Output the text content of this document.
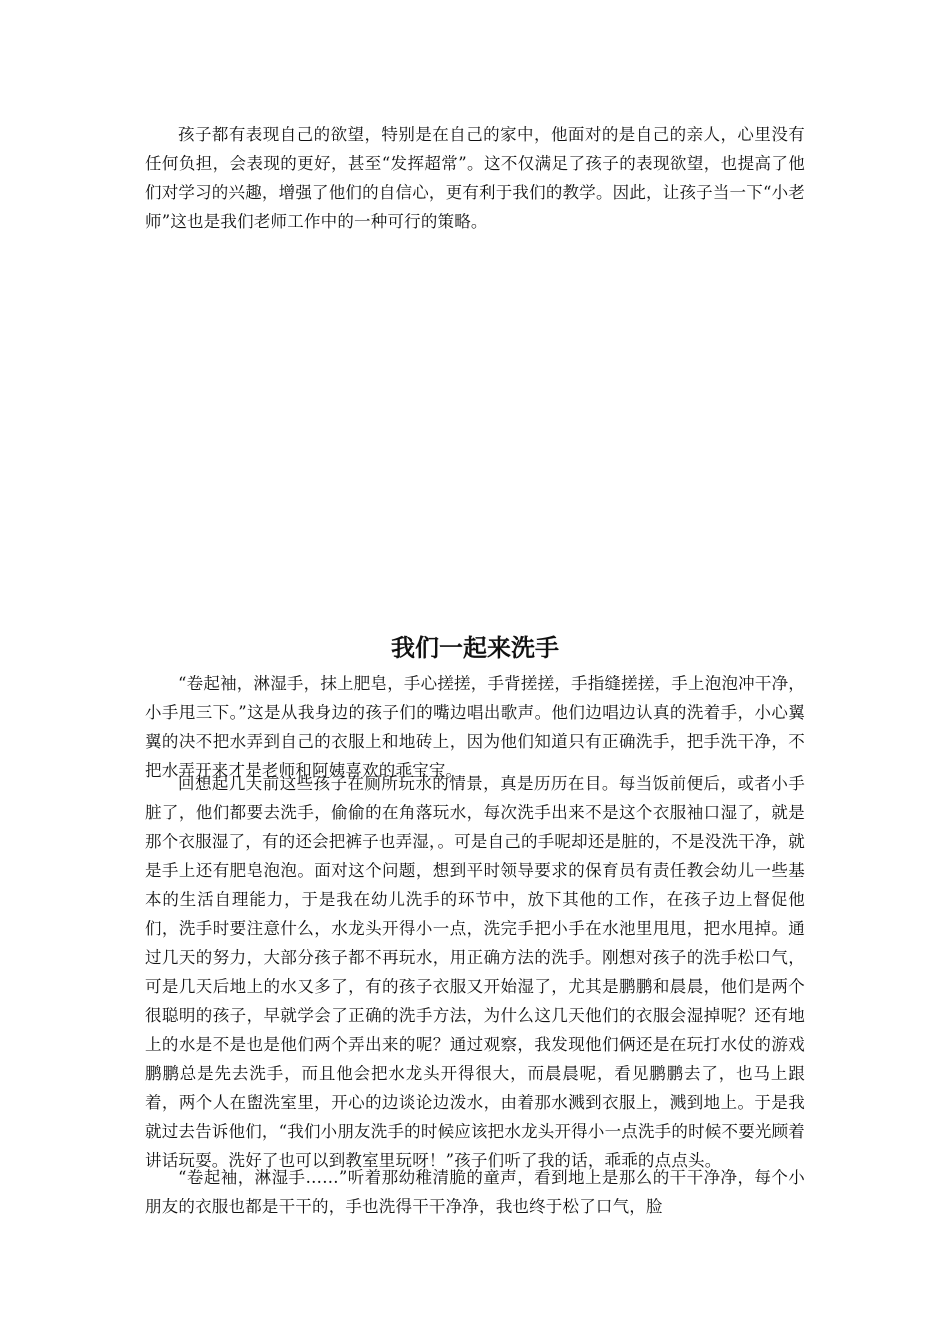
孩子都有表现自己的欲望，特别是在自己的家中，他面对的是自己的亲人，心里没有任何负担，会表现的更好，甚至“发挥超常”。这不仅满足了孩子的表现欲望，也提高了他们对学习的兴趣，增强了他们的自信心，更有利于我们的教学。因此，让孩子当一下“小老师”这也是我们老师工作中的一种可行的策略。

我们一起来洗手

“卷起袖，淋湿手，抹上肥皂，手心搓搓，手背搓搓，手指缝搓搓，手上泡泡冲干净，小手甩三下。”这是从我身边的孩子们的嘴边唱出歌声。他们边唱边认真的洗着手，小心翼翼的决不把水弄到自己的衣服上和地砖上，因为他们知道只有正确洗手，把手洗干净，不把水弄开来才是老师和阿姨喜欢的乖宝宝。

回想起几天前这些孩子在厕所玩水的情景，真是历历在目。每当饭前便后，或者小手脏了，他们都要去洗手，偷偷的在角落玩水，每次洗手出来不是这个衣服袖口湿了，就是那个衣服湿了，有的还会把裤子也弄湿，。可是自己的手呢却还是脏的，不是没洗干净，就是手上还有肥皂泡泡。面对这个问题，想到平时领导要求的保育员有责任教会幼儿一些基本的生活自理能力，于是我在幼儿洗手的环节中，放下其他的工作，在孩子边上督促他们，洗手时要注意什么，水龙头开得小一点，洗完手把小手在水池里甩甩，把水甩掉。通过几天的努力，大部分孩子都不再玩水，用正确方法的洗手。刚想对孩子的洗手松口气，可是几天后地上的水又多了，有的孩子衣服又开始湿了，尤其是鹏鹏和晨晨，他们是两个很聪明的孩子，早就学会了正确的洗手方法，为什么这几天他们的衣服会湿掉呢？还有地上的水是不是也是他们两个弄出来的呢？通过观察，我发现他们俩还是在玩打水仗的游戏鹏鹏总是先去洗手，而且他会把水龙头开得很大，而晨晨呢，看见鹏鹏去了，也马上跟着，两个人在盥洗室里，开心的边谈论边泼水，由着那水溅到衣服上，溅到地上。于是我就过去告诉他们，“我们小朋友洗手的时候应该把水龙头开得小一点洗手的时候不要光顾着讲话玩耍。洗好了也可以到教室里玩呀！”孩子们听了我的话，乖乖的点点头。

“卷起袖，淋湿手……”听着那幼稚清脆的童声，看到地上是那么的干干净净，每个小朋友的衣服也都是干干的，手也洗得干干净净，我也终于松了口气，脸
